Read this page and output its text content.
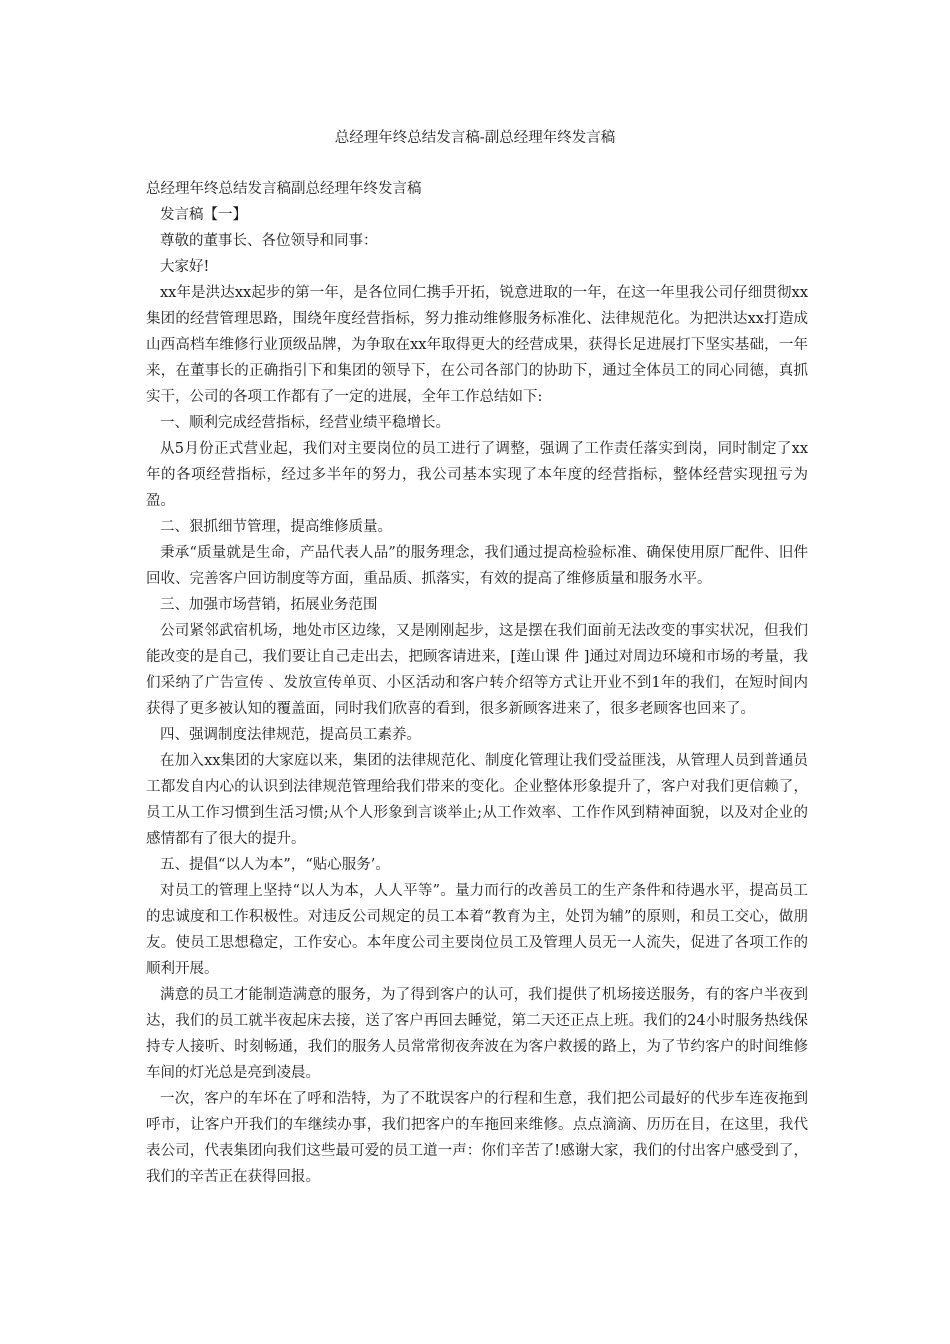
总经理年终总结发言稿-副总经理年终发言稿

总经理年终总结发言稿副总经理年终发言稿

发言稿【一】

尊敬的董事长、各位领导和同事：

大家好!

xx年是洪达xx起步的第一年，是各位同仁携手开拓，锐意进取的一年，在这一年里我公司仔细贯彻xx集团的经营管理思路，围绕年度经营指标，努力推动维修服务标准化、法律规范化。为把洪达xx打造成山西高档车维修行业顶级品牌，为争取在xx年取得更大的经营成果，获得长足进展打下坚实基础，一年来，在董事长的正确指引下和集团的领导下，在公司各部门的协助下，通过全体员工的同心同德，真抓实干，公司的各项工作都有了一定的进展，全年工作总结如下:

一、顺利完成经营指标，经营业绩平稳增长。

从5月份正式营业起，我们对主要岗位的员工进行了调整，强调了工作责任落实到岗，同时制定了xx年的各项经营指标，经过多半年的努力，我公司基本实现了本年度的经营指标，整体经营实现扭亏为盈。

二、狠抓细节管理，提高维修质量。

秉承“质量就是生命，产品代表人品”的服务理念，我们通过提高检验标准、确保使用原厂配件、旧件回收、完善客户回访制度等方面，重品质、抓落实，有效的提高了维修质量和服务水平。

三、加强市场营销，拓展业务范围

公司紧邻武宿机场，地处市区边缘，又是刚刚起步，这是摆在我们面前无法改变的事实状况，但我们能改变的是自己，我们要让自己走出去，把顾客请进来，[莲山课 件 ]通过对周边环境和市场的考量，我们采纳了广告宣传 、发放宣传单页、小区活动和客户转介绍等方式让开业不到1年的我们，在短时间内获得了更多被认知的覆盖面，同时我们欣喜的看到，很多新顾客进来了，很多老顾客也回来了。

四、强调制度法律规范，提高员工素养。

在加入xx集团的大家庭以来，集团的法律规范化、制度化管理让我们受益匪浅，从管理人员到普通员工都发自内心的认识到法律规范管理给我们带来的变化。企业整体形象提升了，客户对我们更信赖了，员工从工作习惯到生活习惯;从个人形象到言谈举止;从工作效率、工作作风到精神面貌，以及对企业的感情都有了很大的提升。

五、提倡“以人为本”，“贴心服务’。

对员工的管理上坚持“以人为本，人人平等”。量力而行的改善员工的生产条件和待遇水平，提高员工的忠诚度和工作积极性。对违反公司规定的员工本着“教育为主，处罚为辅”的原则，和员工交心，做朋友。使员工思想稳定，工作安心。本年度公司主要岗位员工及管理人员无一人流失，促进了各项工作的顺利开展。

满意的员工才能制造满意的服务，为了得到客户的认可，我们提供了机场接送服务，有的客户半夜到达，我们的员工就半夜起床去接，送了客户再回去睡觉，第二天还正点上班。我们的24小时服务热线保持专人接听、时刻畅通，我们的服务人员常常彻夜奔波在为客户救援的路上，为了节约客户的时间维修车间的灯光总是亮到凌晨。

一次，客户的车坏在了呼和浩特，为了不耽误客户的行程和生意，我们把公司最好的代步车连夜拖到呼市，让客户开我们的车继续办事，我们把客户的车拖回来维修。点点滴滴、历历在目，在这里，我代表公司，代表集团向我们这些最可爱的员工道一声：你们辛苦了!感谢大家，我们的付出客户感受到了，我们的辛苦正在获得回报。
